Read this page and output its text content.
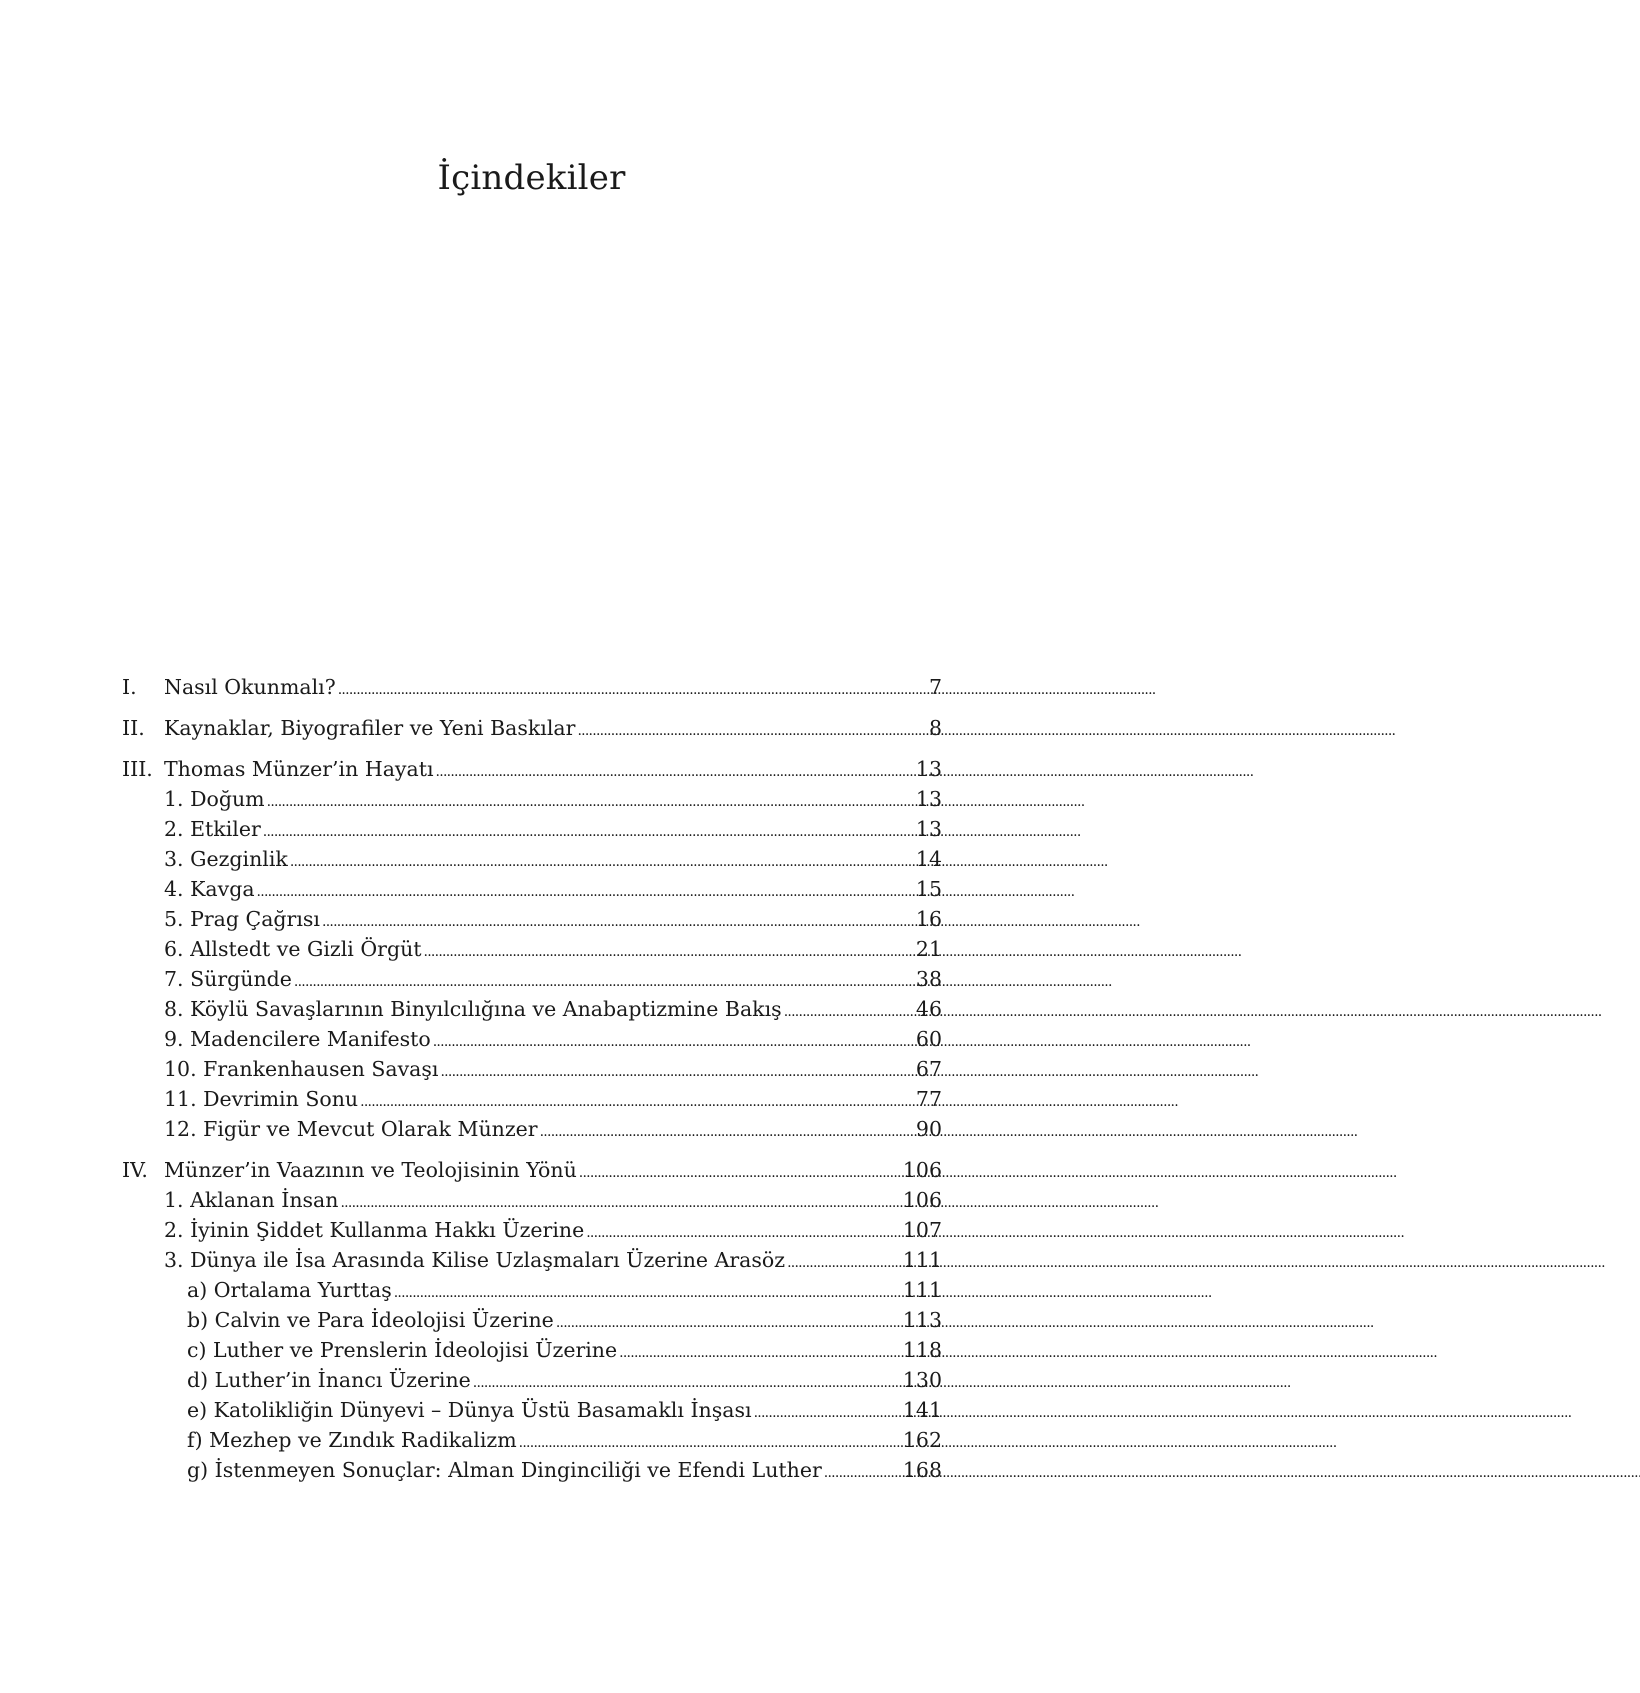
İçindekiler
I.	Nasıl Okunmalı? . . .	7
II. Kaynaklar, Biyografiler ve Yeni Baskılar . . .	8
III. Thomas Münzer’in Hayatı . . .	13
1. Doğum . . .	13
2. Etkiler . . .	13
3. Gezginlik . . .	14
4. Kavga . . .	15
5. Prag Çağrısı . . .	16
6. Allstedt ve Gizli Örgüt . . .	21
7. Sürgünde . . .	38
8. Köylü Savaşlarının Binyılcılığına ve Anabaptizmine Bakış . . .	46
9. Madencilere Manifesto . . .	60
10. Frankenhausen Savaşı . . .	67
11. Devrimin Sonu . . .	77
12. Figür ve Mevcut Olarak Münzer . . .	90
IV. Münzer’in Vaazının ve Teolojisinin Yönü . . .	106
1. Aklanan İnsan . . .	106
2. İyinin Şiddet Kullanma Hakkı Üzerine . . .	107
3. Dünya ile İsa Arasında Kilise Uzlaşmaları Üzerine Arasöz . . .	111
a) Ortalama Yurttaş . . .	111
b) Calvin ve Para İdeolojisi Üzerine . . .	113
c) Luther ve Prenslerin İdeolojisi Üzerine . . .	118
d) Luther’in İnancı Üzerine . . .	130
e) Katolikliğin Dünyevi – Dünya Üstü Basamaklı İnşası . . .	141
f) Mezhep ve Zındık Radikalizm . . .	162
g) İstenmeyen Sonuçlar: Alman Dinginciliği ve Efendi Luther . . .	168
